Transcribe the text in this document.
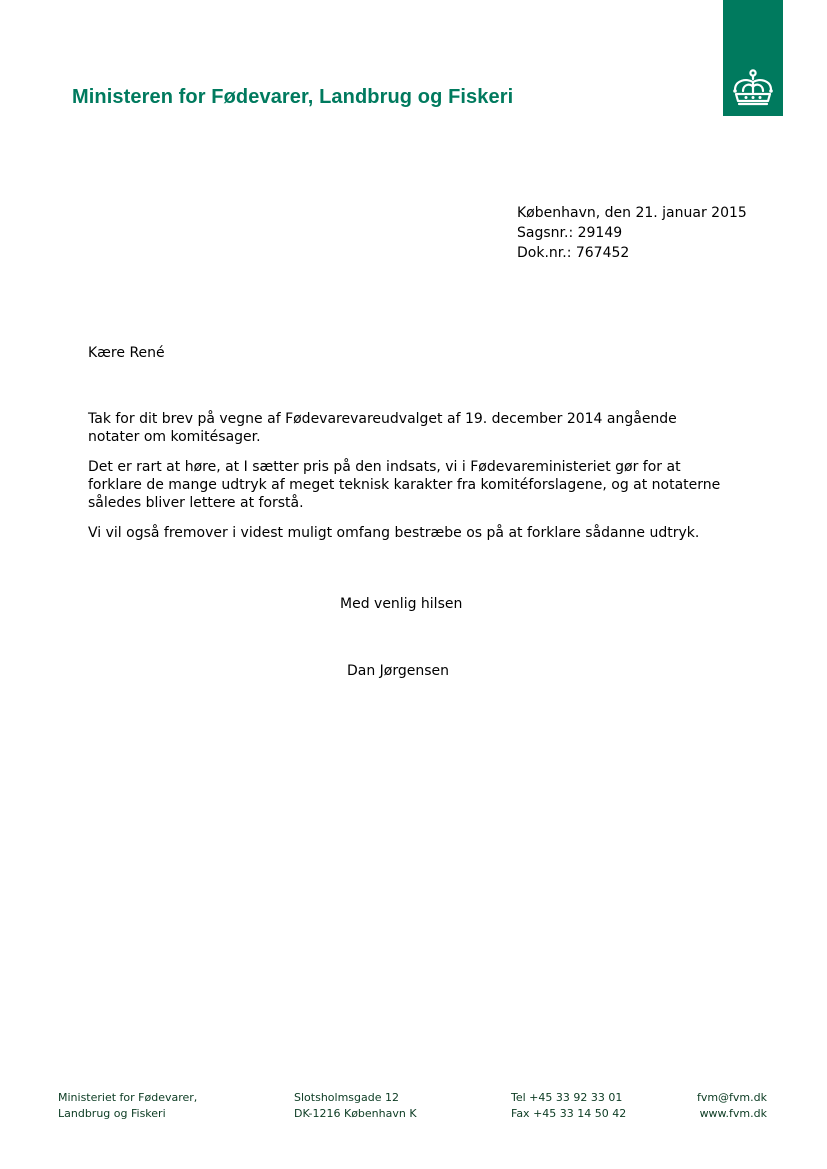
Ministeren for Fødevarer, Landbrug og Fiskeri
København, den 21. januar 2015
Sagsnr.: 29149
Dok.nr.: 767452
Kære René

Tak for dit brev på vegne af Fødevarevareudvalget af 19. december 2014 angående notater om komitésager.

Det er rart at høre, at I sætter pris på den indsats, vi i Fødevareministeriet gør for at forklare de mange udtryk af meget teknisk karakter fra komitéforslagene, og at notaterne således bliver lettere at forstå.

Vi vil også fremover i videst muligt omfang bestræbe os på at forklare sådanne udtryk.

Med venlig hilsen
Dan Jørgensen
Ministeriet for Fødevarer,
Landbrug og Fiskeri
Slotsholmsgade 12
DK-1216 København K
Tel +45 33 92 33 01
Fax +45 33 14 50 42
fvm@fvm.dk
www.fvm.dk
